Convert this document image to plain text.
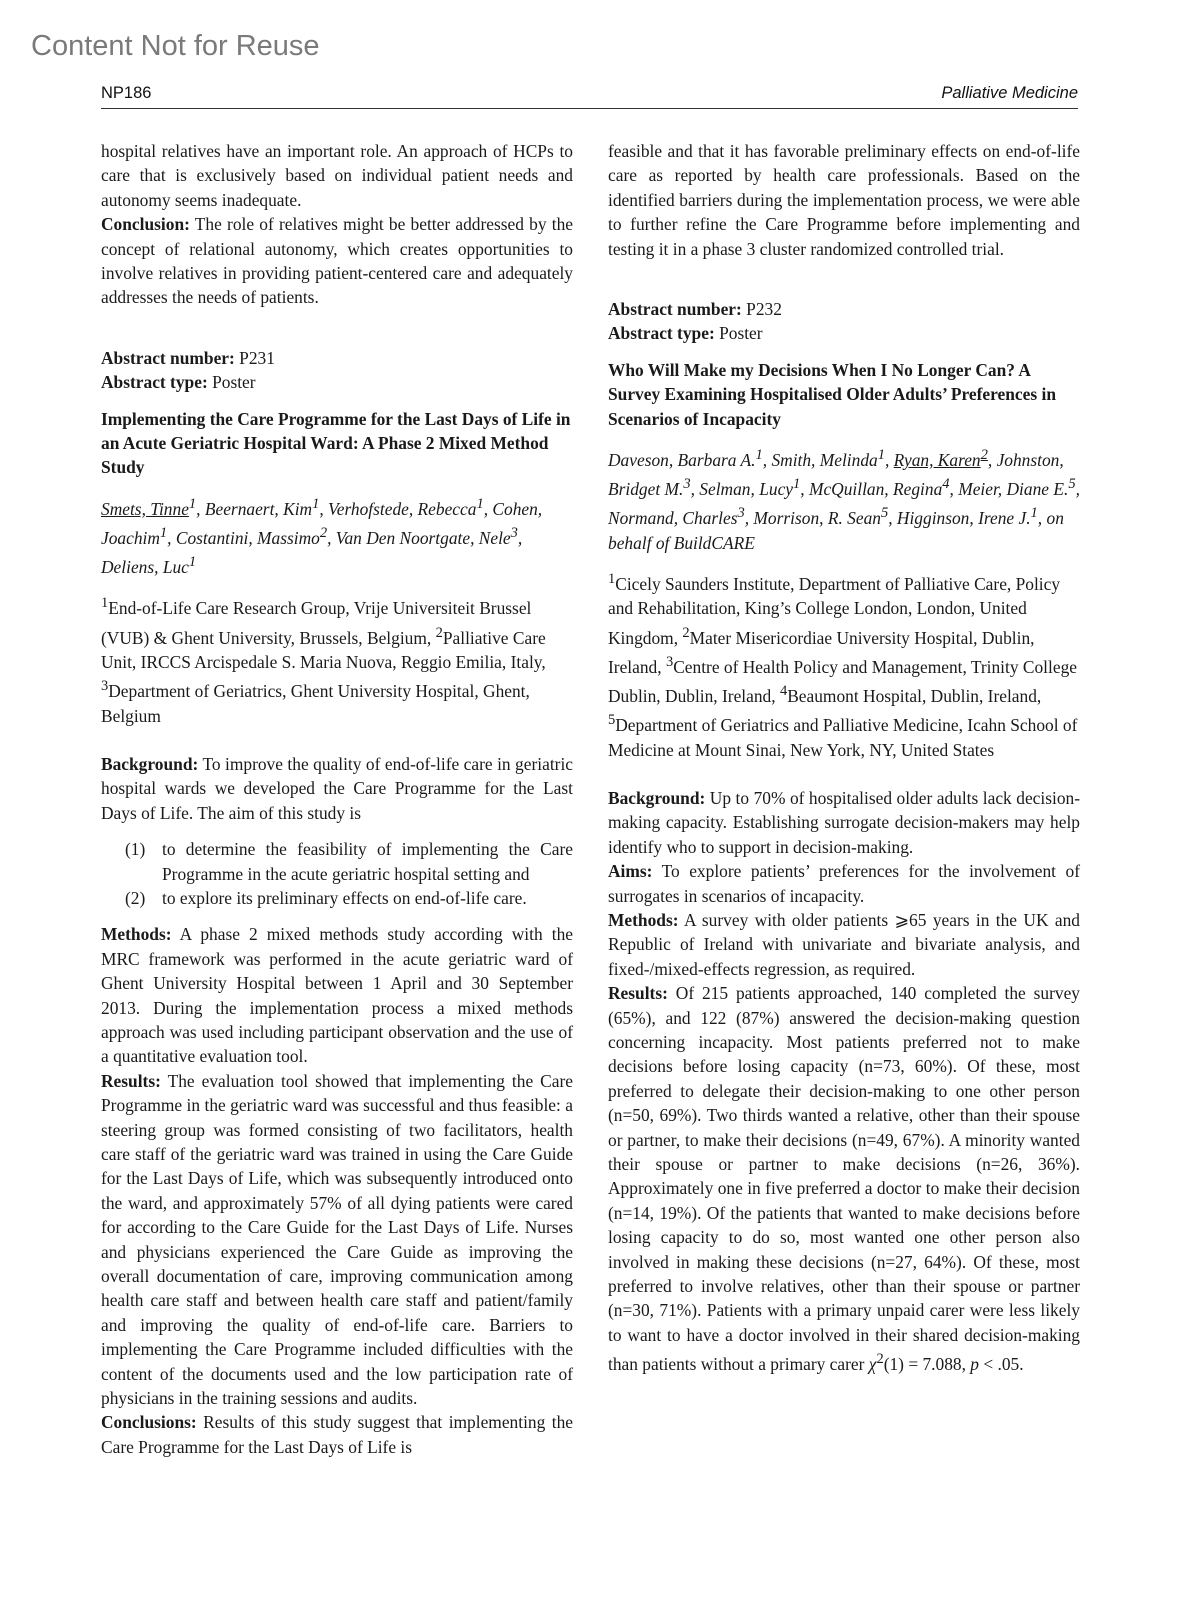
Content Not for Reuse
NP186	Palliative Medicine

hospital relatives have an important role. An approach of HCPs to care that is exclusively based on individual patient needs and autonomy seems inadequate.

Conclusion: The role of relatives might be better addressed by the concept of relational autonomy, which creates opportunities to involve relatives in providing patient-centered care and adequately addresses the needs of patients.

Abstract number: P231

Abstract type: Poster

Implementing the Care Programme for the Last Days of Life in an Acute Geriatric Hospital Ward: A Phase 2 Mixed Method Study

Smets, Tinne$^1$, Beernaert, Kim$^1$, Verhofstede, Rebecca$^1$, Cohen, Joachim$^1$, Costantini, Massimo$^2$, Van Den Noortgate, Nele$^3$, Deliens, Luc$^1$

$^1$End-of-Life Care Research Group, Vrije Universiteit Brussel (VUB) & Ghent University, Brussels, Belgium, $^2$Palliative Care Unit, IRCCS Arcispedale S. Maria Nuova, Reggio Emilia, Italy, $^3$Department of Geriatrics, Ghent University Hospital, Ghent, Belgium

Background: To improve the quality of end-of-life care in geriatric hospital wards we developed the Care Programme for the Last Days of Life. The aim of this study is

(1) to determine the feasibility of implementing the Care Programme in the acute geriatric hospital setting and
(2) to explore its preliminary effects on end-of-life care.

Methods: A phase 2 mixed methods study according with the MRC framework was performed in the acute geriatric ward of Ghent University Hospital between 1 April and 30 September 2013. During the implementation process a mixed methods approach was used including participant observation and the use of a quantitative evaluation tool.

Results: The evaluation tool showed that implementing the Care Programme in the geriatric ward was successful and thus feasible: a steering group was formed consisting of two facilitators, health care staff of the geriatric ward was trained in using the Care Guide for the Last Days of Life, which was subsequently introduced onto the ward, and approximately 57% of all dying patients were cared for according to the Care Guide for the Last Days of Life. Nurses and physicians experienced the Care Guide as improving the overall documentation of care, improving communication among health care staff and between health care staff and patient/family and improving the quality of end-of-life care. Barriers to implementing the Care Programme included difficulties with the content of the documents used and the low participation rate of physicians in the training sessions and audits.

Conclusions: Results of this study suggest that implementing the Care Programme for the Last Days of Life is

feasible and that it has favorable preliminary effects on end-of-life care as reported by health care professionals. Based on the identified barriers during the implementation process, we were able to further refine the Care Programme before implementing and testing it in a phase 3 cluster randomized controlled trial.

Abstract number: P232

Abstract type: Poster

Who Will Make my Decisions When I No Longer Can? A Survey Examining Hospitalised Older Adults’ Preferences in Scenarios of Incapacity

Daveson, Barbara A.$^1$, Smith, Melinda$^1$, Ryan, Karen$^2$, Johnston, Bridget M.$^3$, Selman, Lucy$^1$, McQuillan, Regina$^4$, Meier, Diane E.$^5$, Normand, Charles$^3$, Morrison, R. Sean$^5$, Higginson, Irene J.$^1$, on behalf of BuildCARE

$^1$Cicely Saunders Institute, Department of Palliative Care, Policy and Rehabilitation, King’s College London, London, United Kingdom, $^2$Mater Misericordiae University Hospital, Dublin, Ireland, $^3$Centre of Health Policy and Management, Trinity College Dublin, Dublin, Ireland, $^4$Beaumont Hospital, Dublin, Ireland, $^5$Department of Geriatrics and Palliative Medicine, Icahn School of Medicine at Mount Sinai, New York, NY, United States

Background: Up to 70% of hospitalised older adults lack decision-making capacity. Establishing surrogate decision-makers may help identify who to support in decision-making.

Aims: To explore patients’ preferences for the involvement of surrogates in scenarios of incapacity.

Methods: A survey with older patients ⩾65 years in the UK and Republic of Ireland with univariate and bivariate analysis, and fixed-/mixed-effects regression, as required.

Results: Of 215 patients approached, 140 completed the survey (65%), and 122 (87%) answered the decision-making question concerning incapacity. Most patients preferred not to make decisions before losing capacity (n=73, 60%). Of these, most preferred to delegate their decision-making to one other person (n=50, 69%). Two thirds wanted a relative, other than their spouse or partner, to make their decisions (n=49, 67%). A minority wanted their spouse or partner to make decisions (n=26, 36%). Approximately one in five preferred a doctor to make their decision (n=14, 19%). Of the patients that wanted to make decisions before losing capacity to do so, most wanted one other person also involved in making these decisions (n=27, 64%). Of these, most preferred to involve relatives, other than their spouse or partner (n=30, 71%). Patients with a primary unpaid carer were less likely to want to have a doctor involved in their shared decision-making than patients without a primary carer $\chi^2(1) = 7.088$, p < .05.
